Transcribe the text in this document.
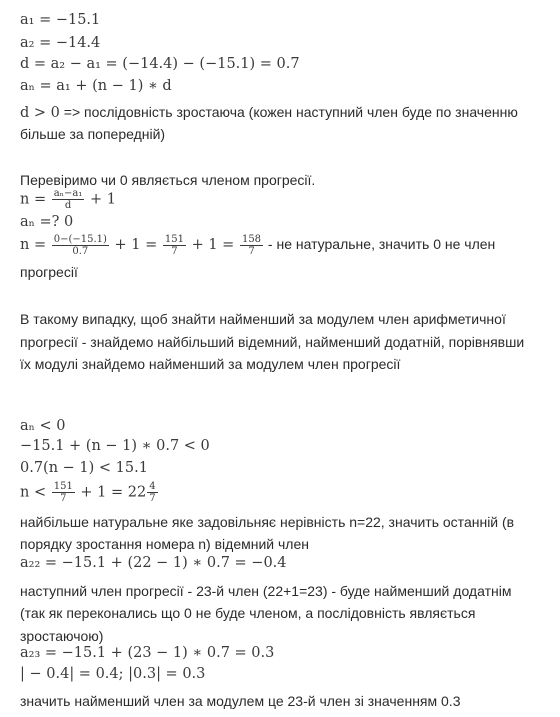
a₁ = −15.1
a₂ = −14.4
d = a₂ − a₁ = (−14.4) − (−15.1) = 0.7
aₙ = a₁ + (n − 1) ∗ d
d > 0 => послідовність зростаюча (кожен наступний член буде по значенню
більше за попередній)
Перевіримо чи 0 являється членом прогресії.
$n = \frac{\text{aₙ−a₁}}{d} + 1$
aₙ =? 0
$n = \frac{0-(-15.1)}{0.7} + 1 = \frac{151}{7} + 1 = \frac{158}{7}$ - не натуральне, значить 0 не член
прогресії
В такому випадку, щоб знайти найменший за модулем член арифметичної
прогресії - знайдемо найбільший відемний, найменший додатній, порівнявши
їх модулі знайдемо найменший за модулем член прогресії
aₙ < 0
−15.1 + (n − 1) ∗ 0.7 < 0
0.7(n − 1) < 15.1
$n < \frac{151}{7} + 1 = 22 \frac{4}{7}$
найбільше натуральне яке задовільняє нерівність n=22, значить останній (в
порядку зростання номера n) відемний член
a₂₂ = −15.1 + (22 − 1) ∗ 0.7 = −0.4
наступний член прогресії - 23-й член (22+1=23) - буде найменший додатнім
(так як переконались що 0 не буде членом, а послідовність являється
зростаючою)
a₂₃ = −15.1 + (23 − 1) ∗ 0.7 = 0.3
| − 0.4| = 0.4; |0.3| = 0.3
значить найменший член за модулем це 23-й член зі значенням 0.3
